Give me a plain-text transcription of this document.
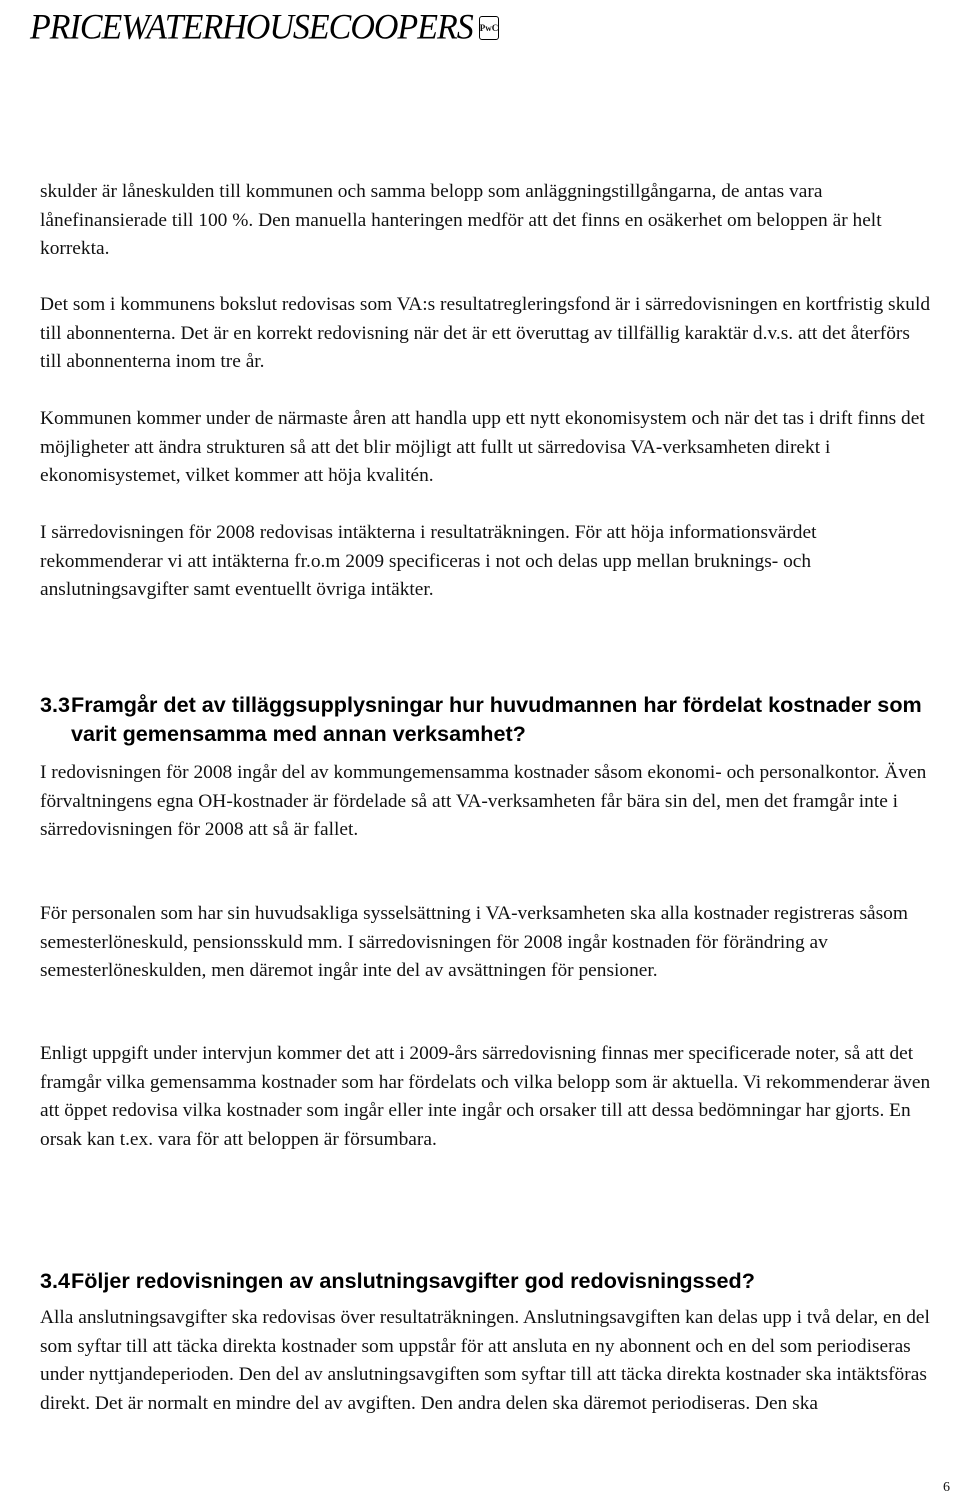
PRICEWATERHOUSECOOPERS PwC

skulder är låneskulden till kommunen och samma belopp som anläggningstillgångarna, de antas vara lånefinansierade till 100 %. Den manuella hanteringen medför att det finns en osäkerhet om beloppen är helt korrekta.

Det som i kommunens bokslut redovisas som VA:s resultatregleringsfond är i särredovisningen en kortfristig skuld till abonnenterna. Det är en korrekt redovisning när det är ett överuttag av tillfällig karaktär d.v.s. att det återförs till abonnenterna inom tre år.

Kommunen kommer under de närmaste åren att handla upp ett nytt ekonomisystem och när det tas i drift finns det möjligheter att ändra strukturen så att det blir möjligt att fullt ut särredovisa VA-verksamheten direkt i ekonomisystemet, vilket kommer att höja kvalitén.

I särredovisningen för 2008 redovisas intäkterna i resultaträkningen. För att höja informationsvärdet rekommenderar vi att intäkterna fr.o.m 2009 specificeras i not och delas upp mellan bruknings- och anslutningsavgifter samt eventuellt övriga intäkter.

3.3 Framgår det av tilläggsupplysningar hur huvudmannen har fördelat kostnader som varit gemensamma med annan verksamhet?

I redovisningen för 2008 ingår del av kommungemensamma kostnader såsom ekonomi- och personalkontor. Även förvaltningens egna OH-kostnader är fördelade så att VA-verksamheten får bära sin del, men det framgår inte i särredovisningen för 2008 att så är fallet.

För personalen som har sin huvudsakliga sysselsättning i VA-verksamheten ska alla kostnader registreras såsom semesterlöneskuld, pensionsskuld mm. I särredovisningen för 2008 ingår kostnaden för förändring av semesterlöneskulden, men däremot ingår inte del av avsättningen för pensioner.

Enligt uppgift under intervjun kommer det att i 2009-års särredovisning finnas mer specificerade noter, så att det framgår vilka gemensamma kostnader som har fördelats och vilka belopp som är aktuella. Vi rekommenderar även att öppet redovisa vilka kostnader som ingår eller inte ingår och orsaker till att dessa bedömningar har gjorts. En orsak kan t.ex. vara för att beloppen är försumbara.

3.4 Följer redovisningen av anslutningsavgifter god redovisningssed?

Alla anslutningsavgifter ska redovisas över resultaträkningen. Anslutningsavgiften kan delas upp i två delar, en del som syftar till att täcka direkta kostnader som uppstår för att ansluta en ny abonnent och en del som periodiseras under nyttjandeperioden. Den del av anslutningsavgiften som syftar till att täcka direkta kostnader ska intäktsföras direkt. Det är normalt en mindre del av avgiften. Den andra delen ska däremot periodiseras. Den ska

6
